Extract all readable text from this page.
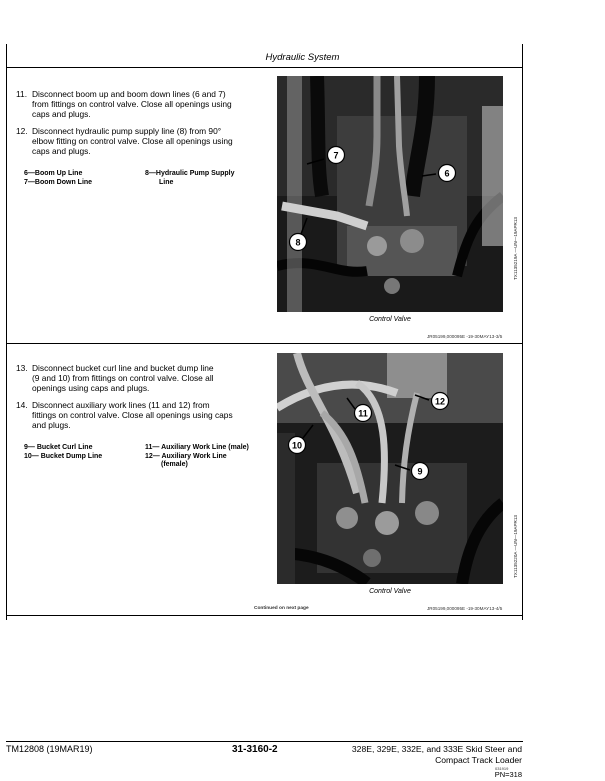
Hydraulic System
11. Disconnect boom up and boom down lines (6 and 7)
from fittings on control valve. Close all openings using
caps and plugs.
12. Disconnect hydraulic pump supply line (8) from 90°
elbow fitting on control valve. Close all openings using
caps and plugs.
6—Boom Up Line
7—Boom Down Line
8—Hydraulic Pump Supply
Line
7
6
8	TX1135219A —UN—19APR13
Control Valve
JR05199,000095E -19-30MAY13-3/5
13. Disconnect bucket curl line and bucket dump line
(9 and 10) from fittings on control valve. Close all
openings using caps and plugs.
14. Disconnect auxiliary work lines (11 and 12) from
fittings on control valve. Close all openings using caps
and plugs.
9— Bucket Curl Line
10— Bucket Dump Line
11— Auxiliary Work Line (male)
12— Auxiliary Work Line
(female)
12
11
10
9
TX1135220A —UN—19APR13
Control Valve
Continued on next page	JR05199,000095E -19-30MAY13-4/5
TM12808 (19MAR19)	31-3160-2	328E, 329E, 332E, and 333E Skid Steer and
Compact Track Loader
031919
PN=318
